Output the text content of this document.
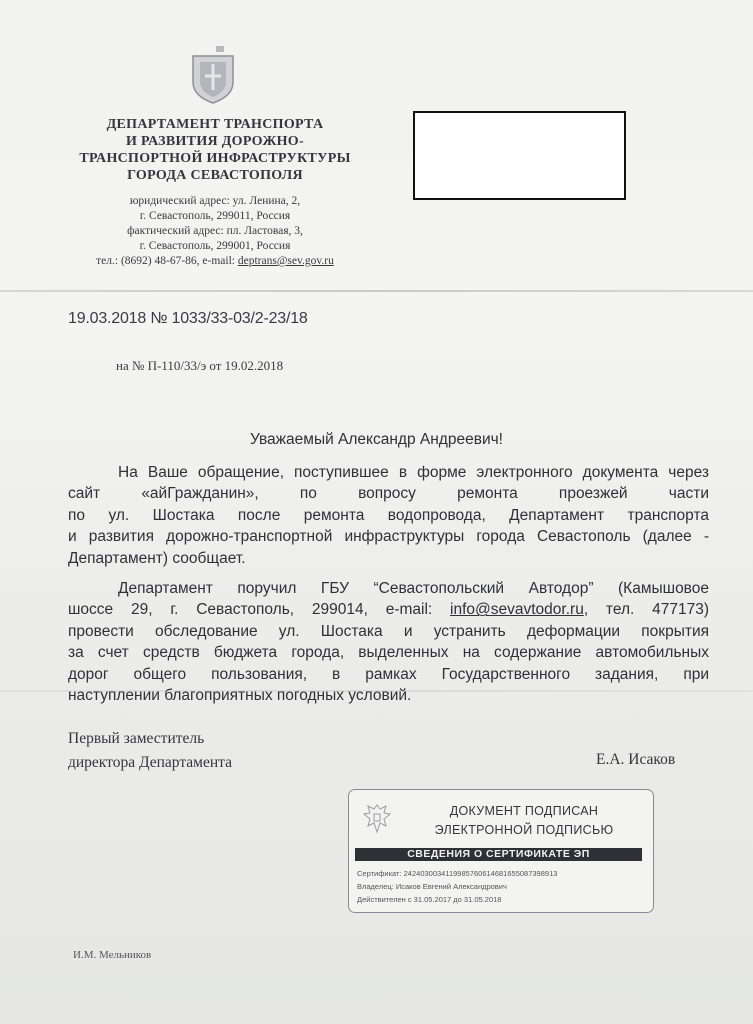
ДЕПАРТАМЕНТ ТРАНСПОРТА
И РАЗВИТИЯ ДОРОЖНО-
ТРАНСПОРТНОЙ ИНФРАСТРУКТУРЫ
ГОРОДА СЕВАСТОПОЛЯ
юридический адрес: ул. Ленина, 2,
г. Севастополь, 299011, Россия
фактический адрес: пл. Ластовая, 3,
г. Севастополь, 299001, Россия
тел.: (8692) 48-67-86, e-mail: deptrans@sev.gov.ru
19.03.2018 № 1033/33-03/2-23/18
на № П-110/33/э от 19.02.2018
Уважаемый Александр Андреевич!
На Ваше обращение, поступившее в форме электронного документа через
сайт «айГражданин», по вопросу ремонта проезжей части
по ул. Шостака после ремонта водопровода, Департамент транспорта
и развития дорожно-транспортной инфраструктуры города Севастополь (далее -
Департамент) сообщает.
Департамент поручил ГБУ “Севастопольский Автодор” (Камышовое
шоссе 29, г. Севастополь, 299014, e-mail: info@sevavtodor.ru, тел. 477173)
провести обследование ул. Шостака и устранить деформации покрытия
за счет средств бюджета города, выделенных на содержание автомобильных
дорог общего пользования, в рамках Государственного задания, при
наступлении благоприятных погодных условий.
Первый заместитель
директора Департамента	Е.А. Исаков
ДОКУМЕНТ ПОДПИСАН
ЭЛЕКТРОННОЙ ПОДПИСЬЮ
СВЕДЕНИЯ О СЕРТИФИКАТЕ ЭП
Сертификат: 2424030034119985760614681655087398913
Владелец: Исаков Евгений Александрович
Действителен с 31.05.2017 до 31.05.2018
И.М. Мельников
